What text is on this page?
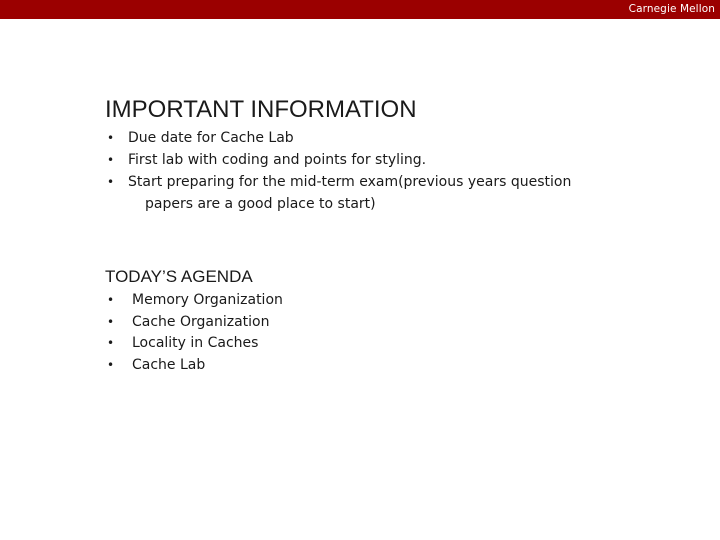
Carnegie Mellon
IMPORTANT INFORMATION
• Due date for Cache Lab
• First lab with coding and points for styling.
• Start preparing for the mid-term exam(previous years question
papers are a good place to start)
TODAY’S AGENDA
• Memory Organization
• Cache Organization
• Locality in Caches
• Cache Lab
